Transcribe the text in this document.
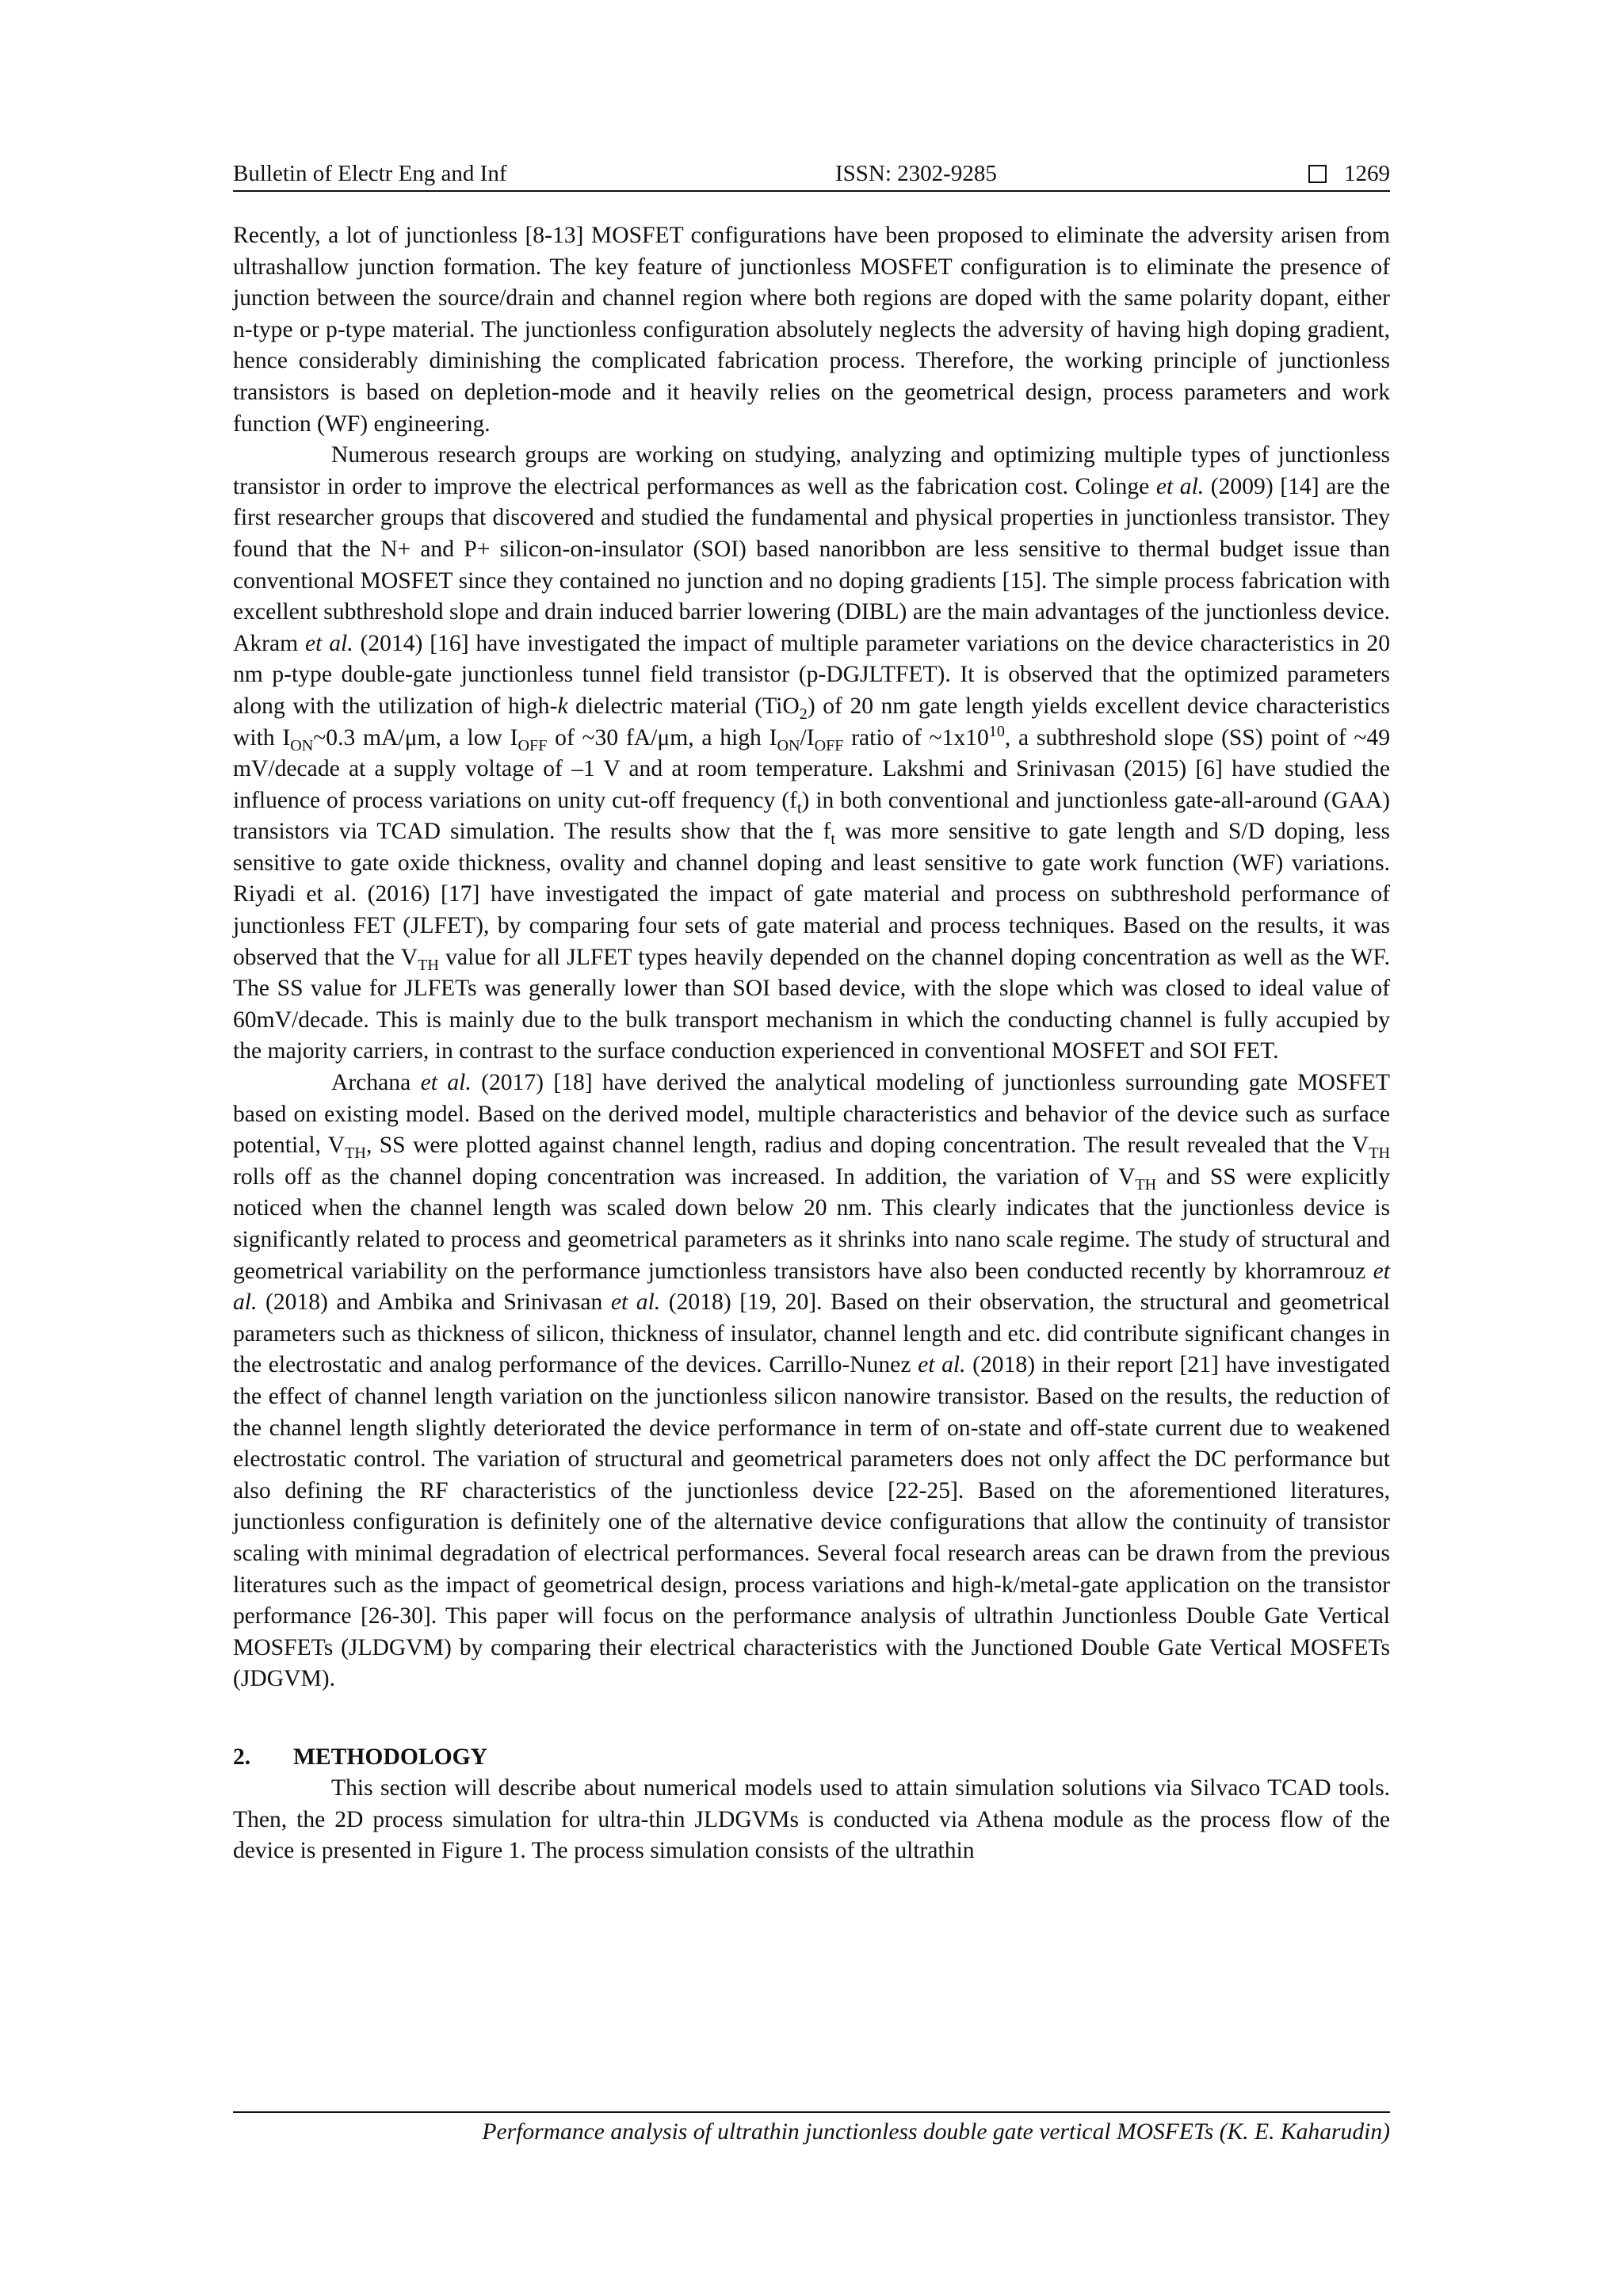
Bulletin of Electr Eng and Inf	ISSN: 2302-9285	1269

Recently, a lot of junctionless [8-13] MOSFET configurations have been proposed to eliminate the adversity arisen from ultrashallow junction formation. The key feature of junctionless MOSFET configuration is to eliminate the presence of junction between the source/drain and channel region where both regions are doped with the same polarity dopant, either n-type or p-type material. The junctionless configuration absolutely neglects the adversity of having high doping gradient, hence considerably diminishing the complicated fabrication process. Therefore, the working principle of junctionless transistors is based on depletion-mode and it heavily relies on the geometrical design, process parameters and work function (WF) engineering.

Numerous research groups are working on studying, analyzing and optimizing multiple types of junctionless transistor in order to improve the electrical performances as well as the fabrication cost. Colinge et al. (2009) [14] are the first researcher groups that discovered and studied the fundamental and physical properties in junctionless transistor. They found that the N+ and P+ silicon-on-insulator (SOI) based nanoribbon are less sensitive to thermal budget issue than conventional MOSFET since they contained no junction and no doping gradients [15]. The simple process fabrication with excellent subthreshold slope and drain induced barrier lowering (DIBL) are the main advantages of the junctionless device. Akram et al. (2014) [16] have investigated the impact of multiple parameter variations on the device characteristics in 20 nm p-type double-gate junctionless tunnel field transistor (p-DGJLTFET). It is observed that the optimized parameters along with the utilization of high-k dielectric material (TiO$_2$) of 20 nm gate length yields excellent device characteristics with $I_{ON}\sim 0.3$ mA/μm, a low $I_{OFF}$ of ~30 fA/μm, a high $I_{ON}/I_{OFF}$ ratio of $\sim 1x10^{10}$, a subthreshold slope (SS) point of ~49 mV/decade at a supply voltage of –1 V and at room temperature. Lakshmi and Srinivasan (2015) [6] have studied the influence of process variations on unity cut-off frequency $(f_t)$ in both conventional and junctionless gate-all-around (GAA) transistors via TCAD simulation. The results show that the $f_t$ was more sensitive to gate length and S/D doping, less sensitive to gate oxide thickness, ovality and channel doping and least sensitive to gate work function (WF) variations. Riyadi et al. (2016) [17] have investigated the impact of gate material and process on subthreshold performance of junctionless FET (JLFET), by comparing four sets of gate material and process techniques. Based on the results, it was observed that the $V_{TH}$ value for all JLFET types heavily depended on the channel doping concentration as well as the WF. The SS value for JLFETs was generally lower than SOI based device, with the slope which was closed to ideal value of 60mV/decade. This is mainly due to the bulk transport mechanism in which the conducting channel is fully accupied by the majority carriers, in contrast to the surface conduction experienced in conventional MOSFET and SOI FET.

Archana et al. (2017) [18] have derived the analytical modeling of junctionless surrounding gate MOSFET based on existing model. Based on the derived model, multiple characteristics and behavior of the device such as surface potential, $V_{TH}$, SS were plotted against channel length, radius and doping concentration. The result revealed that the $V_{TH}$ rolls off as the channel doping concentration was increased. In addition, the variation of $V_{TH}$ and SS were explicitly noticed when the channel length was scaled down below 20 nm. This clearly indicates that the junctionless device is significantly related to process and geometrical parameters as it shrinks into nano scale regime. The study of structural and geometrical variability on the performance jumctionless transistors have also been conducted recently by khorramrouz et al. (2018) and Ambika and Srinivasan et al. (2018) [19, 20]. Based on their observation, the structural and geometrical parameters such as thickness of silicon, thickness of insulator, channel length and etc. did contribute significant changes in the electrostatic and analog performance of the devices. Carrillo-Nunez et al. (2018) in their report [21] have investigated the effect of channel length variation on the junctionless silicon nanowire transistor. Based on the results, the reduction of the channel length slightly deteriorated the device performance in term of on-state and off-state current due to weakened electrostatic control. The variation of structural and geometrical parameters does not only affect the DC performance but also defining the RF characteristics of the junctionless device [22-25]. Based on the aforementioned literatures, junctionless configuration is definitely one of the alternative device configurations that allow the continuity of transistor scaling with minimal degradation of electrical performances. Several focal research areas can be drawn from the previous literatures such as the impact of geometrical design, process variations and high-k/metal-gate application on the transistor performance [26-30]. This paper will focus on the performance analysis of ultrathin Junctionless Double Gate Vertical MOSFETs (JLDGVM) by comparing their electrical characteristics with the Junctioned Double Gate Vertical MOSFETs (JDGVM).

2. METHODOLOGY

This section will describe about numerical models used to attain simulation solutions via Silvaco TCAD tools. Then, the 2D process simulation for ultra-thin JLDGVMs is conducted via Athena module as the process flow of the device is presented in Figure 1. The process simulation consists of the ultrathin

Performance analysis of ultrathin junctionless double gate vertical MOSFETs (K. E. Kaharudin)
